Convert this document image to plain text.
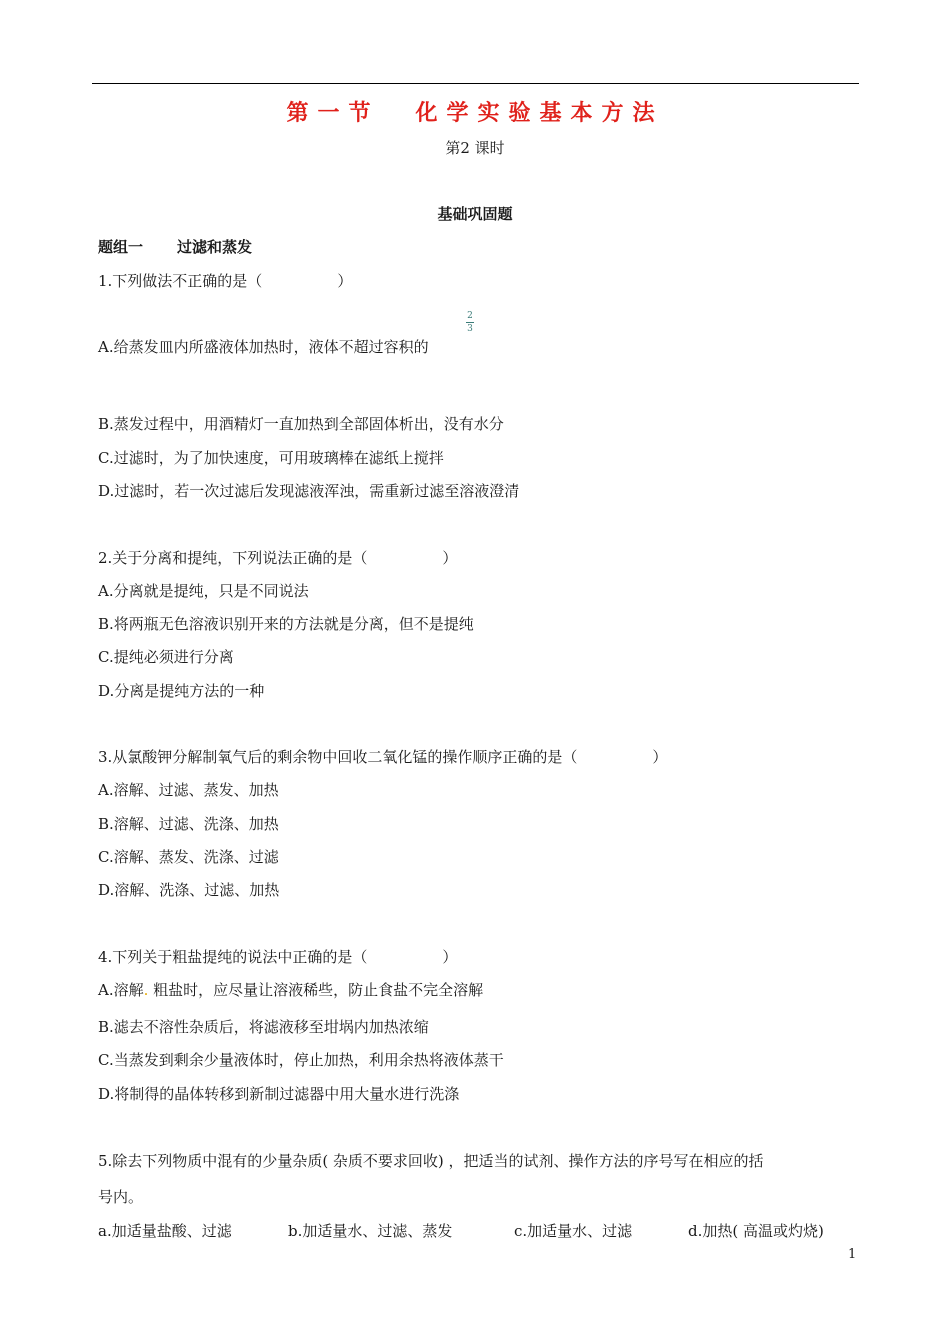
第一节 化学实验基本方法
第2 课时
基础巩固题
题组一 过滤和蒸发
1.下列做法不正确的是（　　　　　）
A.给蒸发皿内所盛液体加热时，液体不超过容积的
2
3
B.蒸发过程中，用酒精灯一直加热到全部固体析出，没有水分
C.过滤时，为了加快速度，可用玻璃棒在滤纸上搅拌
D.过滤时，若一次过滤后发现滤液浑浊，需重新过滤至溶液澄清
2.关于分离和提纯，下列说法正确的是（　　　　　）
A.分离就是提纯，只是不同说法
B.将两瓶无色溶液识别开来的方法就是分离，但不是提纯
C.提纯必须进行分离
D.分离是提纯方法的一种
3.从氯酸钾分解制氧气后的剩余物中回收二氧化锰的操作顺序正确的是（　　　　　）
A.溶解、过滤、蒸发、加热
B.溶解、过滤、洗涤、加热
C.溶解、蒸发、洗涤、过滤
D.溶解、洗涤、过滤、加热
4.下列关于粗盐提纯的说法中正确的是（　　　　　）
A.溶解. 粗盐时，应尽量让溶液稀些，防止食盐不完全溶解
B.滤去不溶性杂质后，将滤液移至坩埚内加热浓缩
C.当蒸发到剩余少量液体时，停止加热，利用余热将液体蒸干
D.将制得的晶体转移到新制过滤器中用大量水进行洗涤
5.除去下列物质中混有的少量杂质( 杂质不要求回收) ，把适当的试剂、操作方法的序号写在相应的括
号内。
a.加适量盐酸、过滤	b.加适量水、过滤、蒸发	c.加适量水、过滤	d.加热( 高温或灼烧)
1
